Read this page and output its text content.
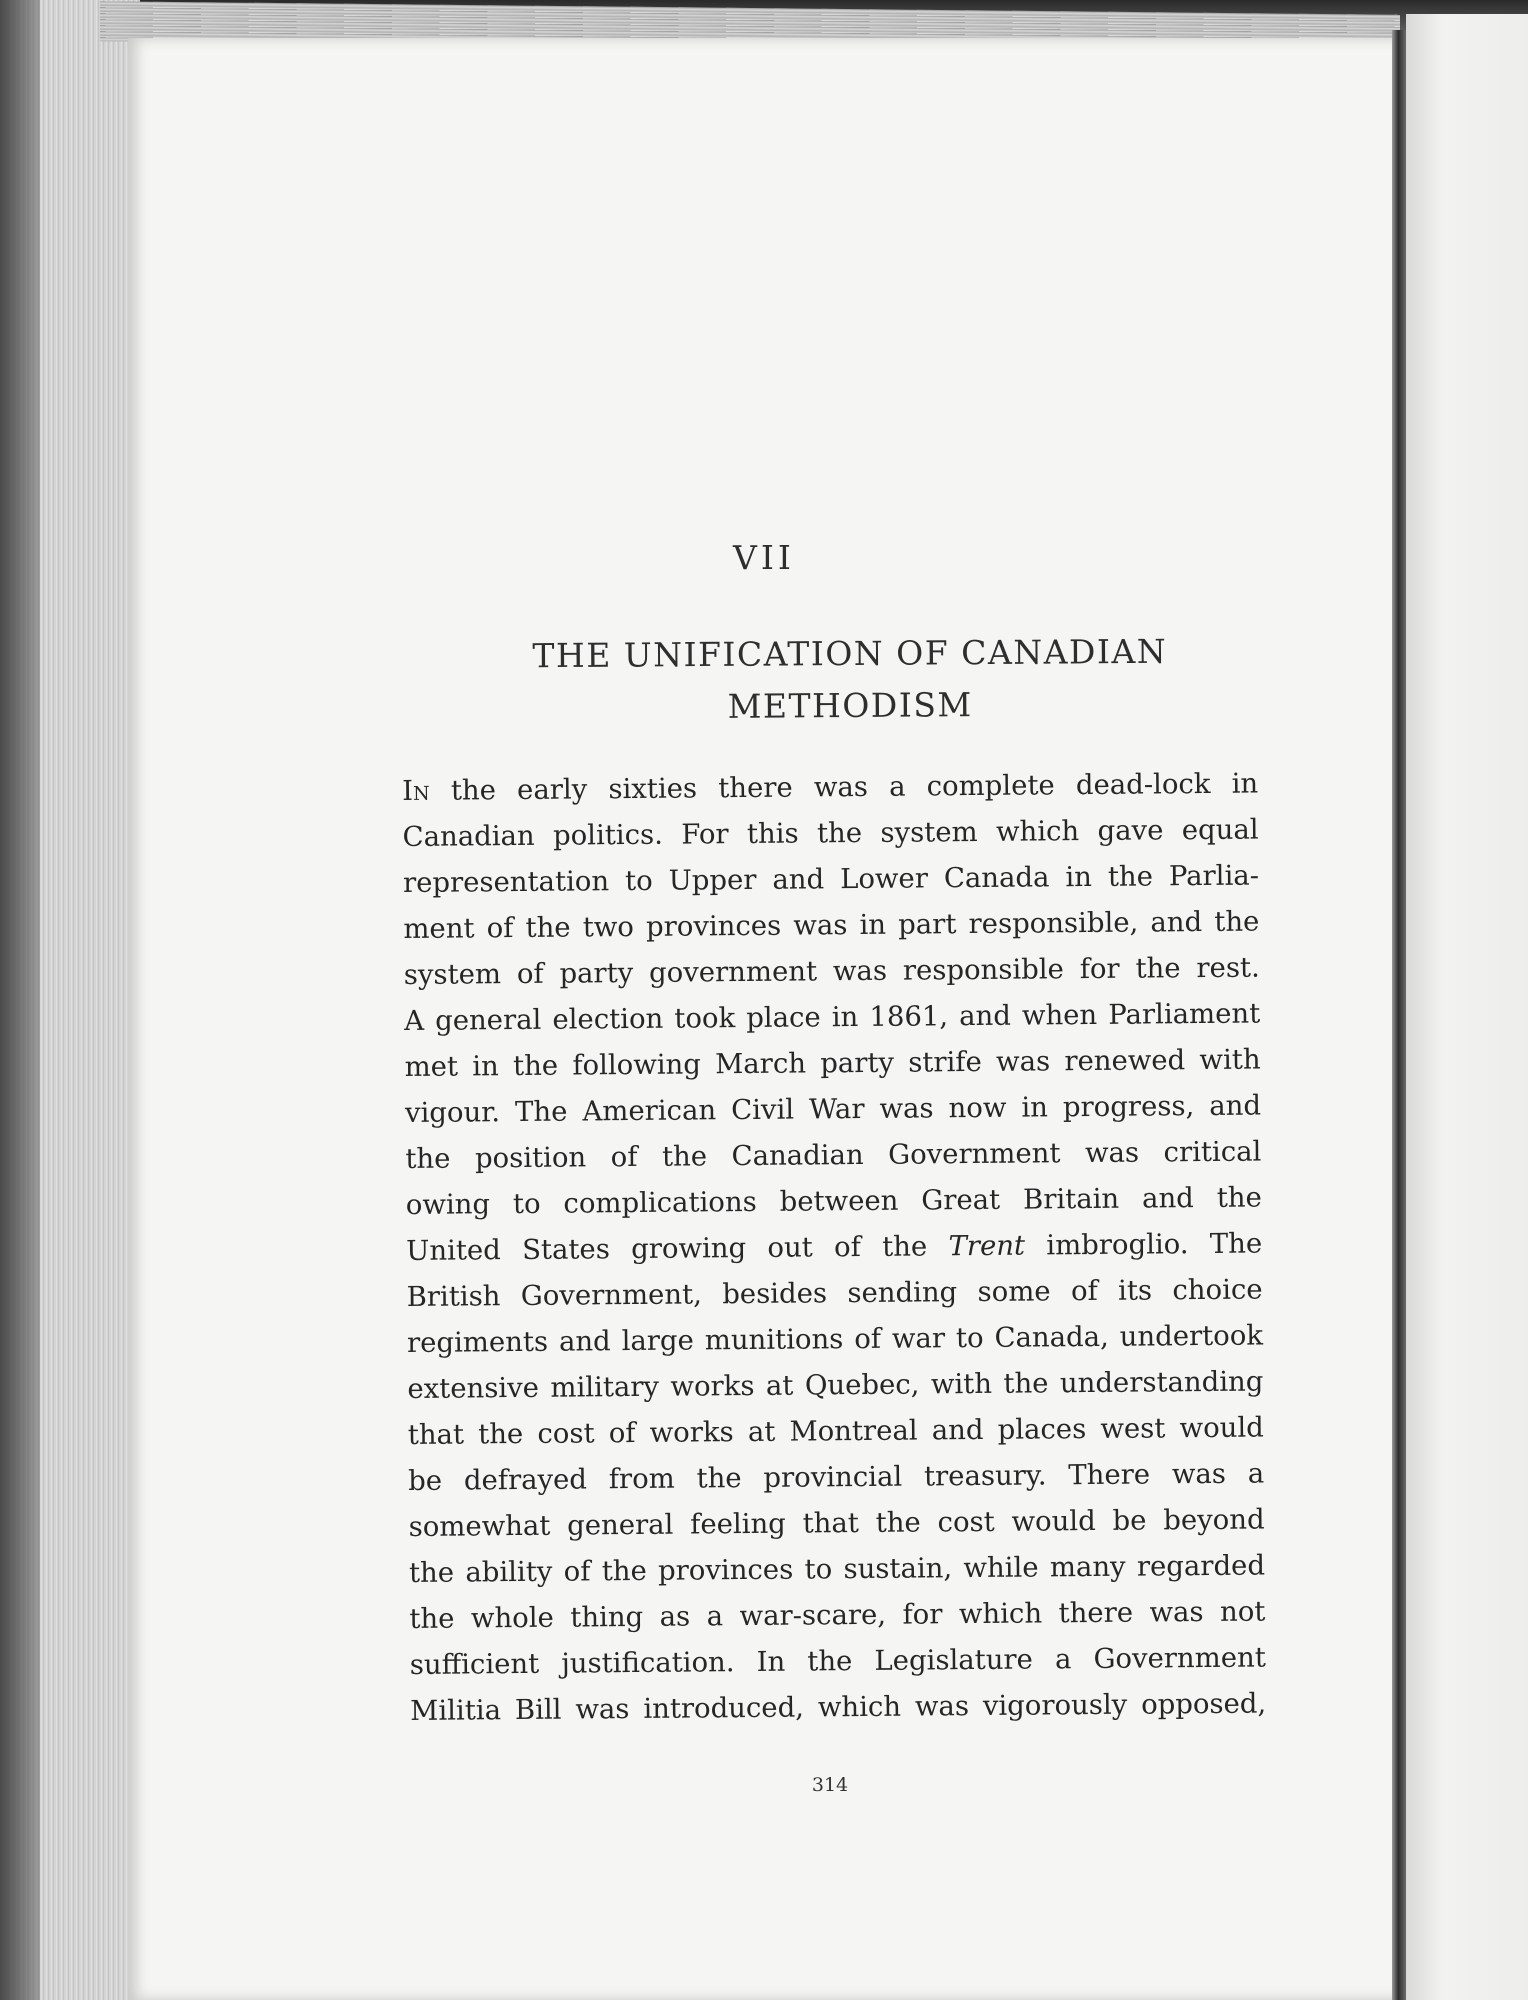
VII
THE UNIFICATION OF CANADIAN
METHODISM
In the early sixties there was a complete dead-lock in
Canadian politics. For this the system which gave equal
representation to Upper and Lower Canada in the Parlia-
ment of the two provinces was in part responsible, and the
system of party government was responsible for the rest.
A general election took place in 1861, and when Parliament
met in the following March party strife was renewed with
vigour. The American Civil War was now in progress, and
the position of the Canadian Government was critical
owing to complications between Great Britain and the
United States growing out of the Trent imbroglio. The
British Government, besides sending some of its choice
regiments and large munitions of war to Canada, undertook
extensive military works at Quebec, with the understanding
that the cost of works at Montreal and places west would
be defrayed from the provincial treasury. There was a
somewhat general feeling that the cost would be beyond
the ability of the provinces to sustain, while many regarded
the whole thing as a war-scare, for which there was not
sufficient justification. In the Legislature a Government
Militia Bill was introduced, which was vigorously opposed,

314
